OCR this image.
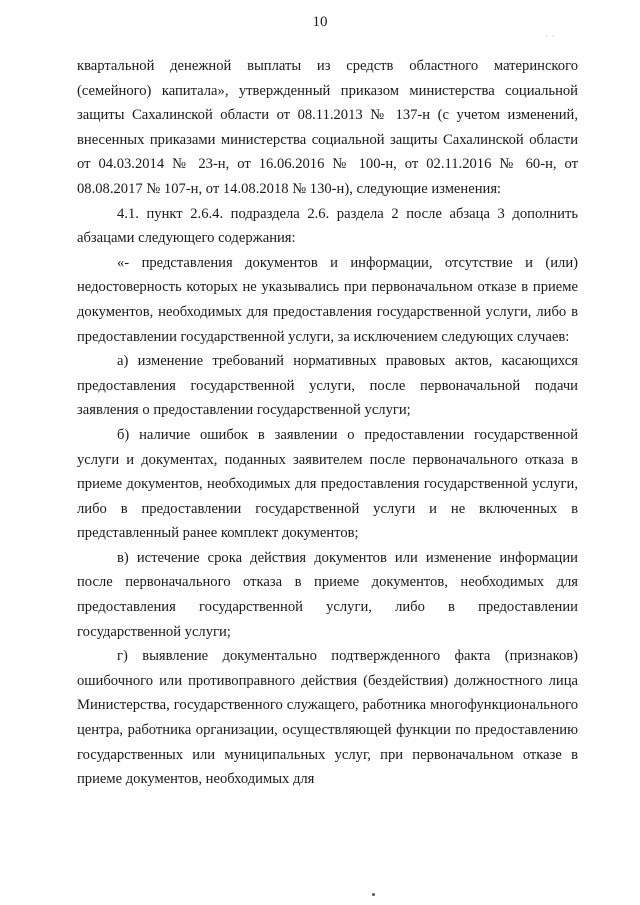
10
·  ·

квартальной денежной выплаты из средств областного материнского (семейного) капитала», утвержденный приказом министерства социальной защиты Сахалинской области от 08.11.2013 № 137-н (с учетом изменений, внесенных приказами министерства социальной защиты Сахалинской области от 04.03.2014 № 23-н, от 16.06.2016 № 100-н, от 02.11.2016 № 60-н, от 08.08.2017 № 107-н, от 14.08.2018 № 130-н), следующие изменения:

4.1. пункт 2.6.4. подраздела 2.6. раздела 2 после абзаца 3 дополнить абзацами следующего содержания:

«- представления документов и информации, отсутствие и (или) недостоверность которых не указывались при первоначальном отказе в приеме документов, необходимых для предоставления государственной услуги, либо в предоставлении государственной услуги, за исключением следующих случаев:

а) изменение требований нормативных правовых актов, касающихся предоставления государственной услуги, после первоначальной подачи заявления о предоставлении государственной услуги;

б) наличие ошибок в заявлении о предоставлении государственной услуги и документах, поданных заявителем после первоначального отказа в приеме документов, необходимых для предоставления государственной услуги, либо в предоставлении государственной услуги и не включенных в представленный ранее комплект документов;

в) истечение срока действия документов или изменение информации после первоначального отказа в приеме документов, необходимых для предоставления государственной услуги, либо в предоставлении государственной услуги;

г) выявление документально подтвержденного факта (признаков) ошибочного или противоправного действия (бездействия) должностного лица Министерства, государственного служащего, работника многофункционального центра, работника организации, осуществляющей функции по предоставлению государственных или муниципальных услуг, при первоначальном отказе в приеме документов, необходимых для
